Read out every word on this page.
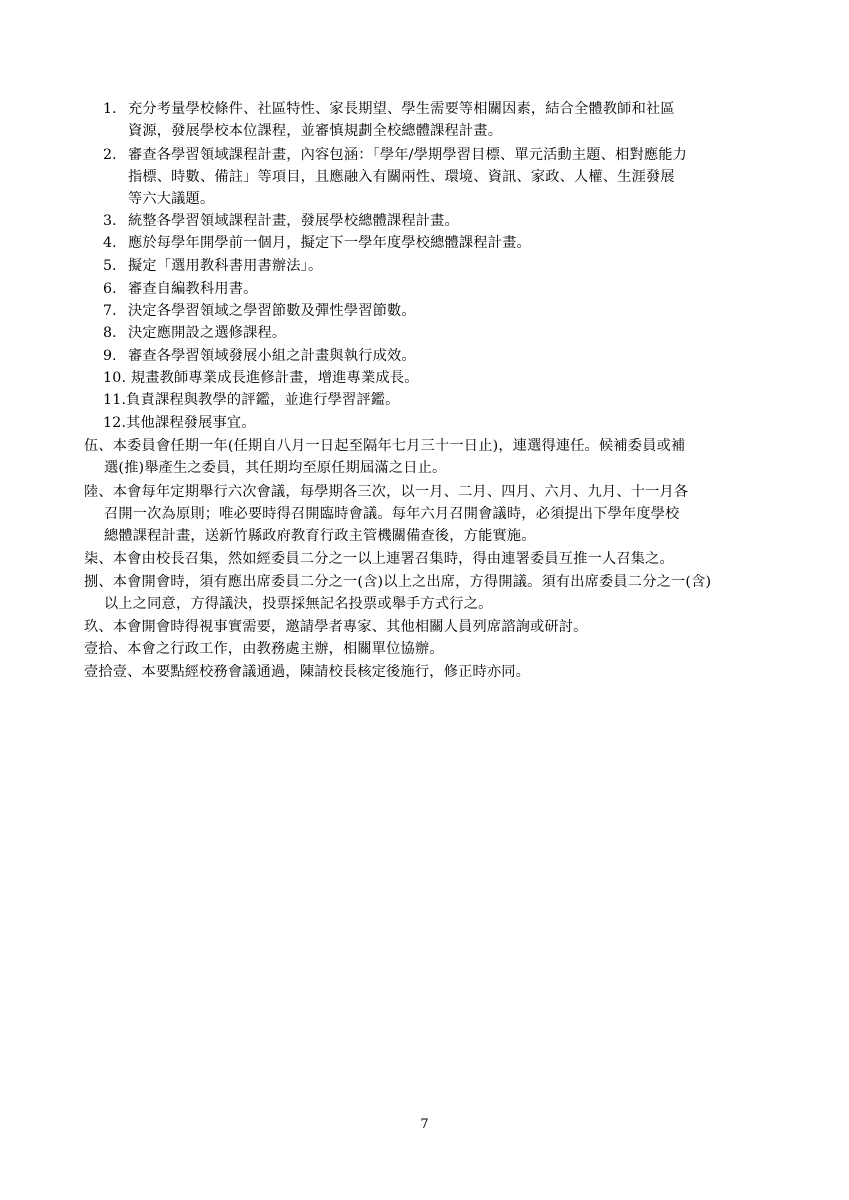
1. 充分考量學校條件、社區特性、家長期望、學生需要等相關因素，結合全體教師和社區
資源，發展學校本位課程，並審慎規劃全校總體課程計畫。
2. 審查各學習領域課程計畫，內容包涵：「學年/學期學習目標、單元活動主題、相對應能力
指標、時數、備註」等項目，且應融入有關兩性、環境、資訊、家政、人權、生涯發展
等六大議題。
3. 統整各學習領域課程計畫，發展學校總體課程計畫。
4. 應於每學年開學前一個月，擬定下一學年度學校總體課程計畫。
5. 擬定「選用教科書用書辦法」。
6. 審查自編教科用書。
7. 決定各學習領域之學習節數及彈性學習節數。
8. 決定應開設之選修課程。
9. 審查各學習領域發展小組之計畫與執行成效。
10. 規畫教師專業成長進修計畫，增進專業成長。
11.負責課程與教學的評鑑，並進行學習評鑑。
12.其他課程發展事宜。
伍、本委員會任期一年(任期自八月一日起至隔年七月三十一日止)，連選得連任。候補委員或補
選(推)舉產生之委員，其任期均至原任期屆滿之日止。
陸、本會每年定期舉行六次會議，每學期各三次，以一月、二月、四月、六月、九月、十一月各
召開一次為原則；唯必要時得召開臨時會議。每年六月召開會議時，必須提出下學年度學校
總體課程計畫，送新竹縣政府教育行政主管機關備查後，方能實施。
柒、本會由校長召集，然如經委員二分之一以上連署召集時，得由連署委員互推一人召集之。
捌、本會開會時，須有應出席委員二分之一(含)以上之出席，方得開議。須有出席委員二分之一(含)
以上之同意，方得議決，投票採無記名投票或舉手方式行之。
玖、本會開會時得視事實需要，邀請學者專家、其他相關人員列席諮詢或研討。
壹拾、本會之行政工作，由教務處主辦，相關單位協辦。
壹拾壹、本要點經校務會議通過，陳請校長核定後施行，修正時亦同。
7
